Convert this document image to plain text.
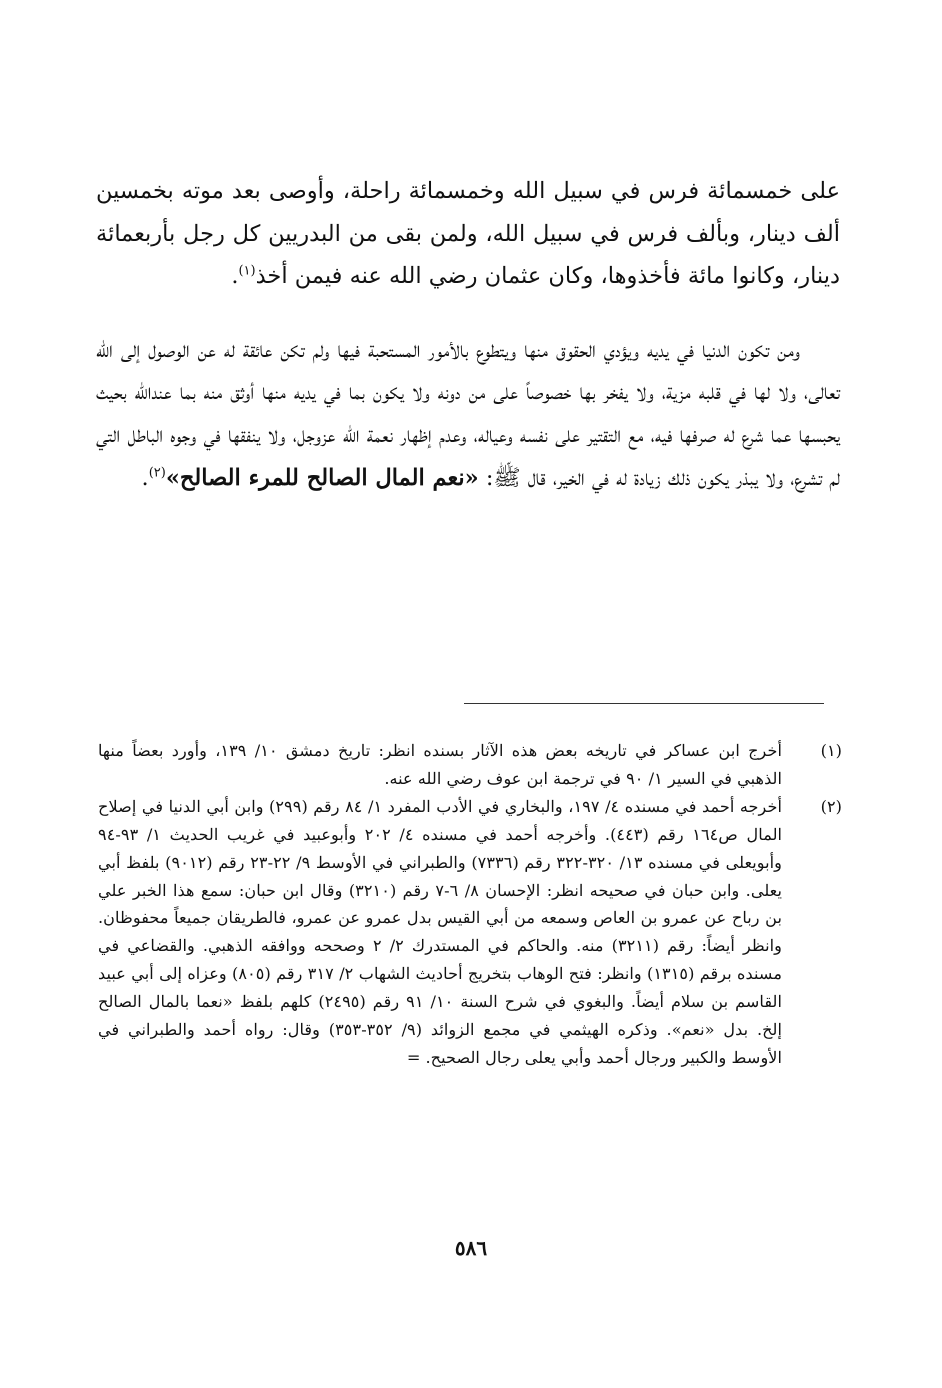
على خمسمائة فرس في سبيل الله وخمسمائة راحلة، وأوصى بعد موته بخمسين ألف دينار، وبألف فرس في سبيل الله، ولمن بقى من البدريين كل رجل بأربعمائة دينار، وكانوا مائة فأخذوها، وكان عثمان رضي الله عنه فيمن أخذ$^{(١)}$.

ومن تكون الدنيا في يديه ويؤدي الحقوق منها ويتطوع بالأمور المستحبة فيها ولم تكن عائقة له عن الوصول إلى الله تعالى، ولا لها في قلبه مزية، ولا يفخر بها خصوصاً على من دونه ولا يكون بما في يديه منها أوثق منه بما عندالله بحيث يحبسها عما شرع له صرفها فيه، مع التقتير على نفسه وعياله، وعدم إظهار نعمة الله عزوجل، ولا ينفقها في وجوه الباطل التي لم تشرع، ولا يبذر يكون ذلك زيادة له في الخير، قال ﷺ: «نعم المال الصالح للمرء الصالح»$^{(٢)}$.

(١)
أخرج ابن عساكر في تاريخه بعض هذه الآثار بسنده انظر: تاريخ دمشق ١٠/ ١٣٩، وأورد بعضاً منها الذهبي في السير ١/ ٩٠ في ترجمة ابن عوف رضي الله عنه.
(٢)
أخرجه أحمد في مسنده ٤/ ١٩٧، والبخاري في الأدب المفرد ١/ ٨٤ رقم (٢٩٩) وابن أبي الدنيا في إصلاح المال ص١٦٤ رقم (٤٤٣). وأخرجه أحمد في مسنده ٤/ ٢٠٢ وأبوعبيد في غريب الحديث ١/ ٩٣-٩٤ وأبويعلى في مسنده ١٣/ ٣٢٠-٣٢٢ رقم (٧٣٣٦) والطبراني في الأوسط ٩/ ٢٢-٢٣ رقم (٩٠١٢) بلفظ أبي يعلى. وابن حبان في صحيحه انظر: الإحسان ٨/ ٦-٧ رقم (٣٢١٠) وقال ابن حبان: سمع هذا الخبر علي بن رباح عن عمرو بن العاص وسمعه من أبي القيس بدل عمرو عن عمرو، فالطريقان جميعاً محفوظان. وانظر أيضاً: رقم (٣٢١١) منه. والحاكم في المستدرك ٢/ ٢ وصححه ووافقه الذهبي. والقضاعي في مسنده برقم (١٣١٥) وانظر: فتح الوهاب بتخريج أحاديث الشهاب ٢/ ٣١٧ رقم (٨٠٥) وعزاه إلى أبي عبيد القاسم بن سلام أيضاً. والبغوي في شرح السنة ١٠/ ٩١ رقم (٢٤٩٥) كلهم بلفظ «نعما بالمال الصالح إلخ. بدل «نعم». وذكره الهيثمي في مجمع الزوائد (٩/ ٣٥٢-٣٥٣) وقال: رواه أحمد والطبراني في الأوسط والكبير ورجال أحمد وأبي يعلى رجال الصحيح. =
٥٨٦
